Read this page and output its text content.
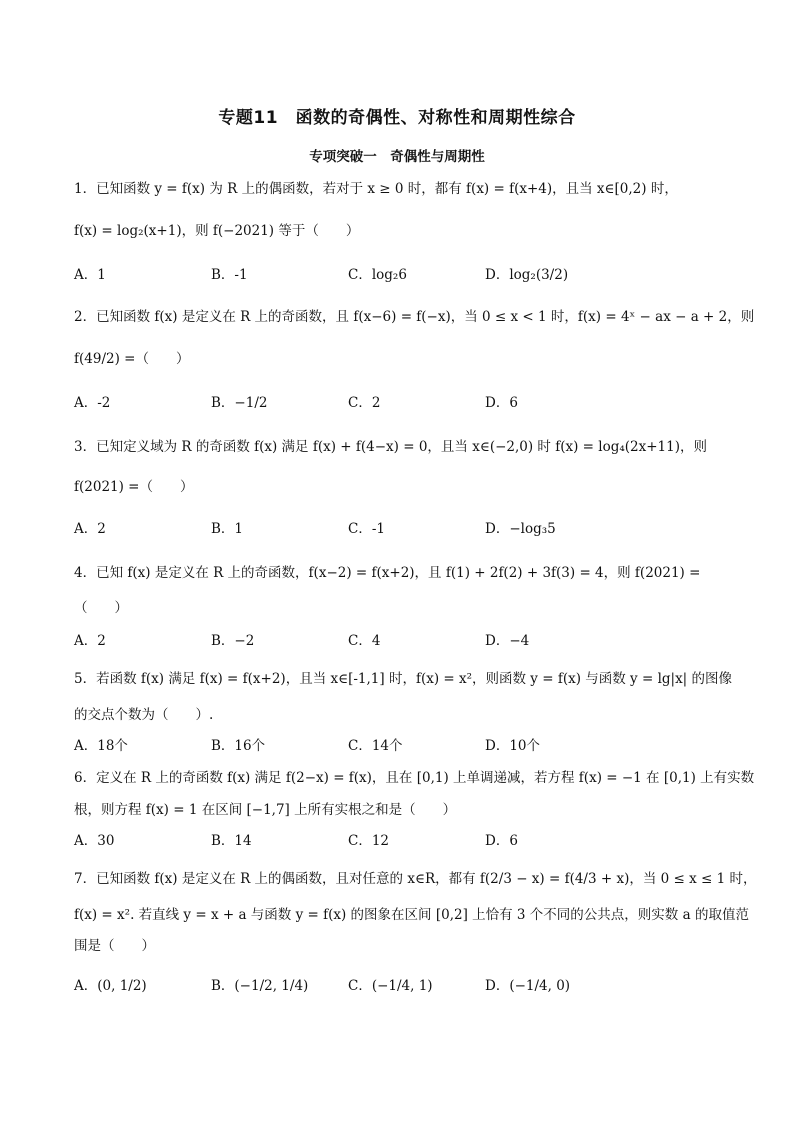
专题11　函数的奇偶性、对称性和周期性综合
专项突破一　奇偶性与周期性
1．已知函数 y = f(x) 为 R 上的偶函数，若对于 x ≥ 0 时，都有 f(x) = f(x+4)，且当 x∈[0,2) 时，
f(x) = log₂(x+1)，则 f(−2021) 等于（　　）
A．1	B．-1	C．log₂6	D．log₂(3/2)
2．已知函数 f(x) 是定义在 R 上的奇函数，且 f(x−6) = f(−x)，当 0 ≤ x < 1 时，f(x) = 4ˣ − ax − a + 2，则
f(49/2) =（　　）
A．-2	B．−1/2	C．2	D．6
3．已知定义域为 R 的奇函数 f(x) 满足 f(x) + f(4−x) = 0，且当 x∈(−2,0) 时 f(x) = log₄(2x+11)，则
f(2021) =（　　）
A．2	B．1	C．-1	D．−log₃5
4．已知 f(x) 是定义在 R 上的奇函数，f(x−2) = f(x+2)，且 f(1) + 2f(2) + 3f(3) = 4，则 f(2021) =
（　　）
A．2	B．−2	C．4	D．−4
5．若函数 f(x) 满足 f(x) = f(x+2)，且当 x∈[-1,1] 时，f(x) = x²，则函数 y = f(x) 与函数 y = lg|x| 的图像
的交点个数为（　　）.
A．18个	B．16个	C．14个	D．10个
6．定义在 R 上的奇函数 f(x) 满足 f(2−x) = f(x)，且在 [0,1) 上单调递减，若方程 f(x) = −1 在 [0,1) 上有实数
根，则方程 f(x) = 1 在区间 [−1,7] 上所有实根之和是（　　）
A．30	B．14	C．12	D．6
7．已知函数 f(x) 是定义在 R 上的偶函数，且对任意的 x∈R，都有 f(2/3 − x) = f(4/3 + x)，当 0 ≤ x ≤ 1 时，
f(x) = x². 若直线 y = x + a 与函数 y = f(x) 的图象在区间 [0,2] 上恰有 3 个不同的公共点，则实数 a 的取值范
围是（　　）
A．(0, 1/2)	B．(−1/2, 1/4)	C．(−1/4, 1)	D．(−1/4, 0)
